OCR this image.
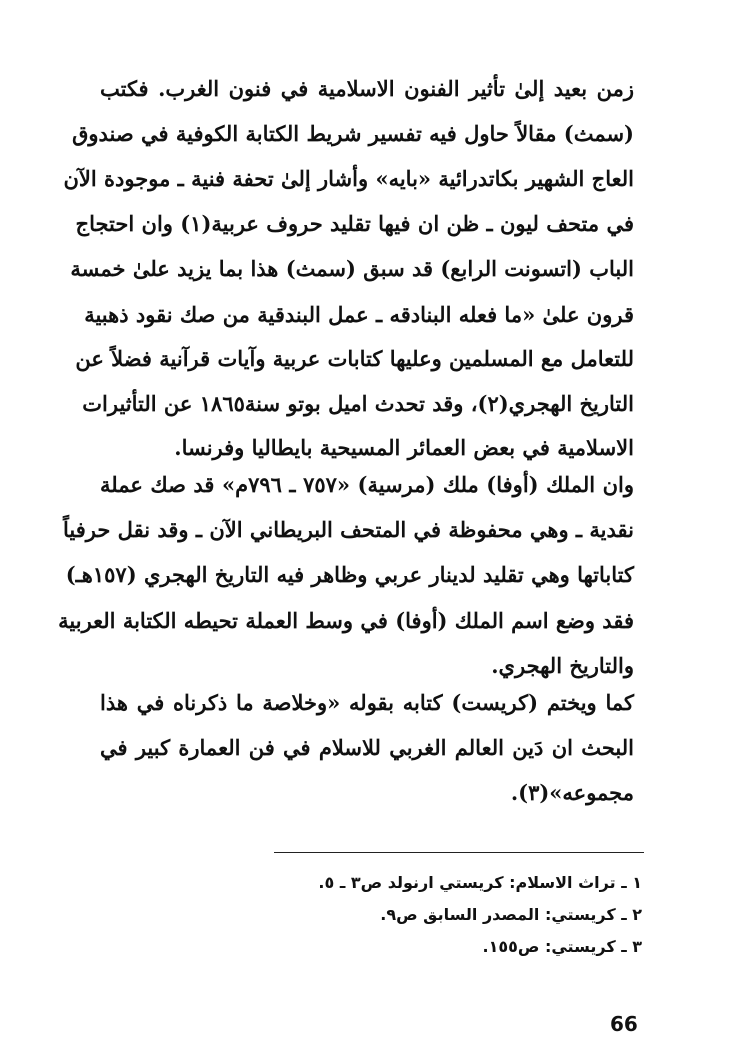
زمن بعيد إلىٰ تأثير الفنون الاسلامية في فنون الغرب. فكتب
(سمث) مقالاً حاول فيه تفسير شريط الكتابة الكوفية في صندوق
العاج الشهير بكاتدرائية «بايه» وأشار إلىٰ تحفة فنية ـ موجودة الآن
في متحف ليون ـ ظن ان فيها تقليد حروف عربية(١) وان احتجاج
الباب (اتسونت الرابع) قد سبق (سمث) هذا بما يزيد علىٰ خمسة
قرون علىٰ «ما فعله البنادقه ـ عمل البندقية من صك نقود ذهبية
للتعامل مع المسلمين وعليها كتابات عربية وآيات قرآنية فضلاً عن
التاريخ الهجري(٢)، وقد تحدث اميل بوتو سنة١٨٦٥ عن التأثيرات
الاسلامية في بعض العمائر المسيحية بايطاليا وفرنسا.
وان الملك (أوفا) ملك (مرسية) «٧٥٧ ـ ٧٩٦م» قد صك عملة
نقدية ـ وهي محفوظة في المتحف البريطاني الآن ـ وقد نقل حرفياً
كتاباتها وهي تقليد لدينار عربي وظاهر فيه التاريخ الهجري (١٥٧هـ)
فقد وضع اسم الملك (أوفا) في وسط العملة تحيطه الكتابة العربية
والتاريخ الهجري.
كما ويختم (كريست) كتابه بقوله «وخلاصة ما ذكرناه في هذا
البحث ان دَين العالم الغربي للاسلام في فن العمارة كبير في
مجموعه»(٣).
١ ـ تراث الاسلام: كريستي ارنولد ص٣ ـ ٥.
٢ ـ كريستي: المصدر السابق ص٩.
٣ ـ كريستي: ص١٥٥.
66
